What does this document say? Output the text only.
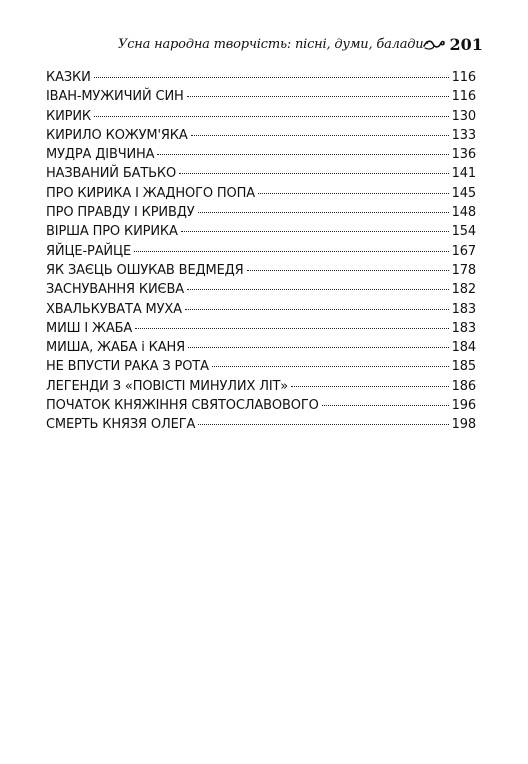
Усна народна творчість: пісні, думи, балади 201
КАЗКИ	116
ІВАН-МУЖИЧИЙ СИН	116
КИРИК	130
КИРИЛО КОЖУМ'ЯКА	133
МУДРА ДІВЧИНА	136
НАЗВАНИЙ БАТЬКО	141
ПРО КИРИКА І ЖАДНОГО ПОПА	145
ПРО ПРАВДУ І КРИВДУ	148
ВІРША ПРО КИРИКА	154
ЯЙЦЕ-РАЙЦЕ	167
ЯК ЗАЄЦЬ ОШУКАВ ВЕДМЕДЯ	178
ЗАСНУВАННЯ КИЄВА	182
ХВАЛЬКУВАТА МУХА	183
МИШ І ЖАБА	183
МИША, ЖАБА і КАНЯ	184
НЕ ВПУСТИ РАКА З РОТА	185
ЛЕГЕНДИ З «ПОВІСТІ МИНУЛИХ ЛІТ»	186
ПОЧАТОК КНЯЖІННЯ СВЯТОСЛАВОВОГО	196
СМЕРТЬ КНЯЗЯ ОЛЕГА	198
